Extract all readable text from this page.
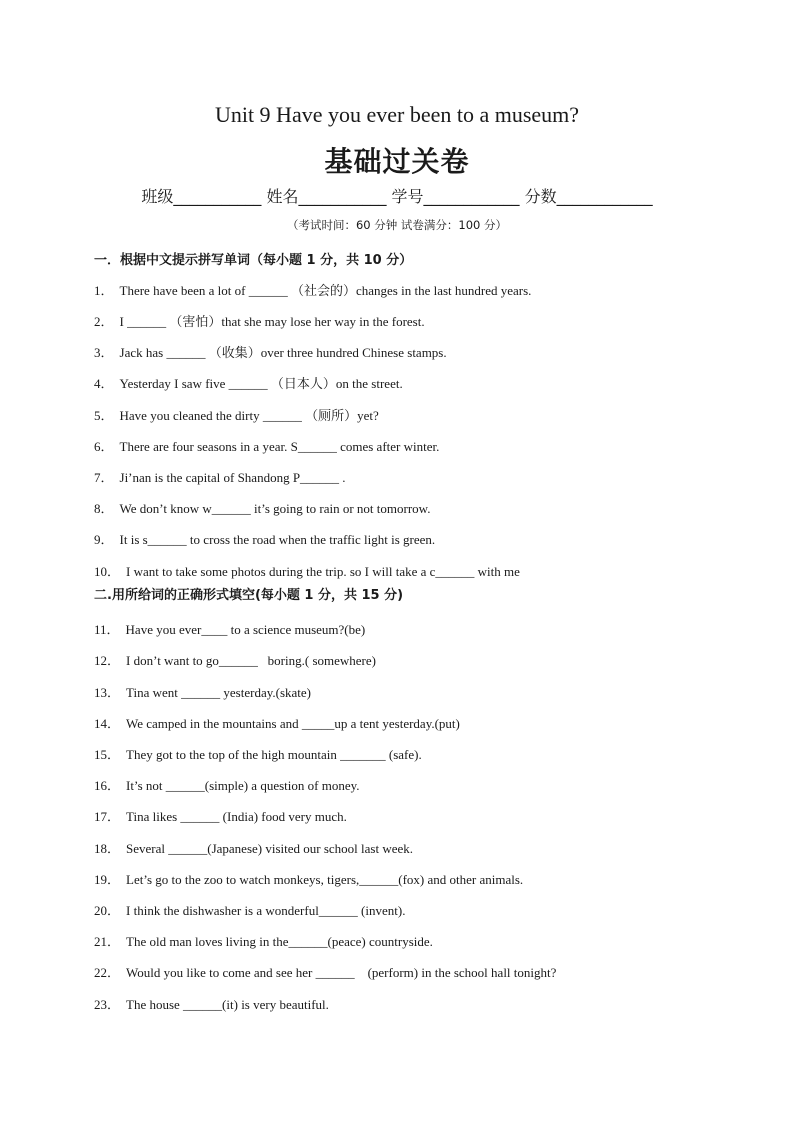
Unit 9 Have you ever been to a museum?
基础过关卷
班级___________ 姓名___________ 学号____________ 分数____________
（考试时间：60 分钟 试卷满分：100 分）
一．根据中文提示拼写单词（每小题 1 分，共 10 分）
1． There have been a lot of ______ （社会的）changes in the last hundred years.
2． I ______ （害怕）that she may lose her way in the forest.
3． Jack has ______ （收集）over three hundred Chinese stamps.
4． Yesterday I saw five ______ （日本人）on the street.
5． Have you cleaned the dirty ______ （厕所）yet?
6． There are four seasons in a year. S______ comes after winter.
7． Ji’nan is the capital of Shandong P______ .
8． We don’t know w______ it’s going to rain or not tomorrow.
9． It is s______ to cross the road when the traffic light is green.
10． I want to take some photos during the trip. so I will take a c______ with me
二.用所给词的正确形式填空(每小题 1 分，共 15 分)
11． Have you ever____ to a science museum?(be)
12． I don’t want to go______   boring.( somewhere)
13． Tina went ______ yesterday.(skate)
14． We camped in the mountains and _____up a tent yesterday.(put)
15． They got to the top of the high mountain _______ (safe).
16． It’s not ______(simple) a question of money.
17． Tina likes ______ (India) food very much.
18． Several ______(Japanese) visited our school last week.
19． Let’s go to the zoo to watch monkeys, tigers,______(fox) and other animals.
20． I think the dishwasher is a wonderful______ (invent).
21． The old man loves living in the______(peace) countryside.
22． Would you like to come and see her ______    (perform) in the school hall tonight?
23． The house ______(it) is very beautiful.
